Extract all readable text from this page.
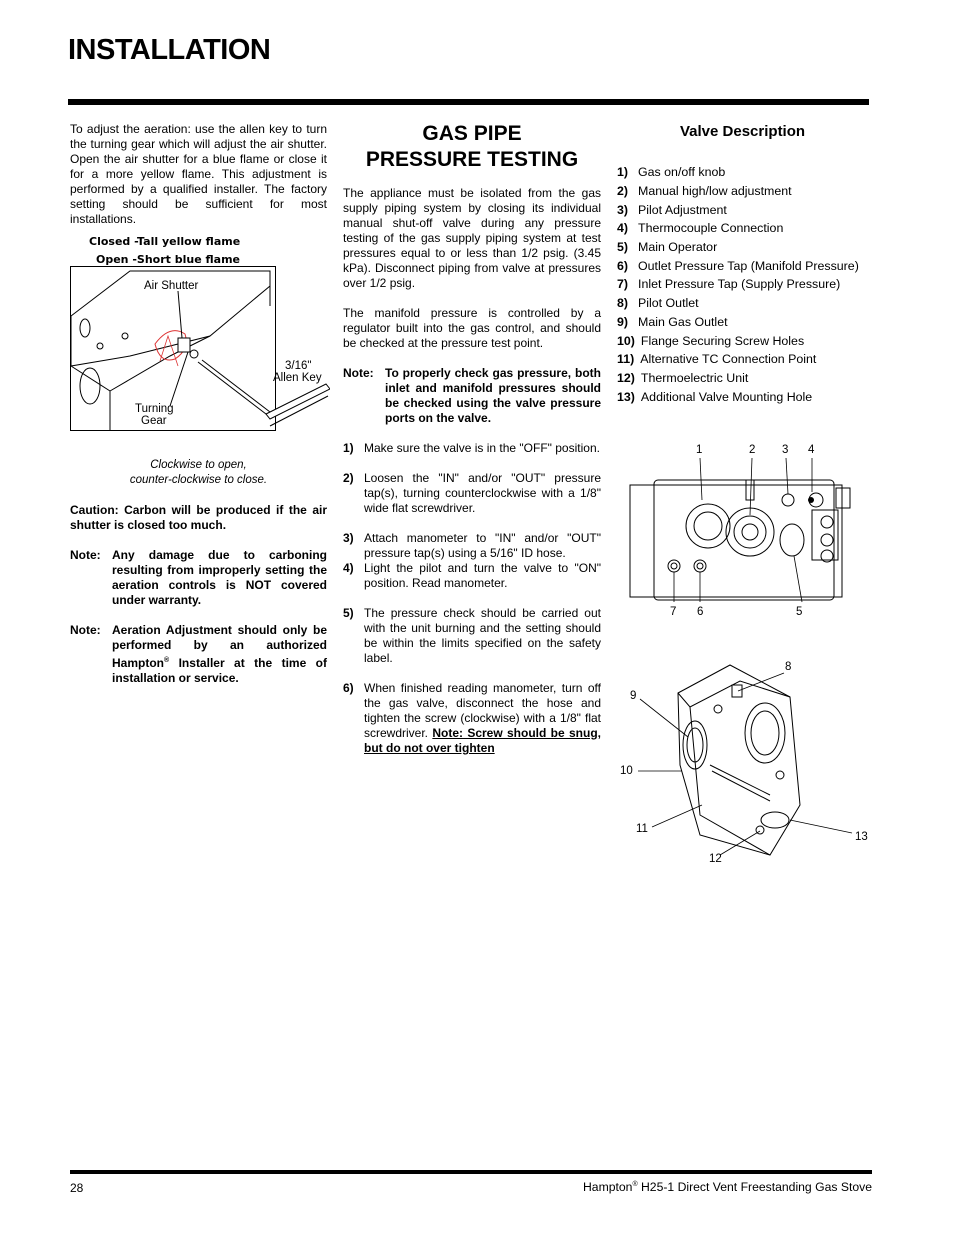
INSTALLATION

To adjust the aeration: use the allen key to turn the turning gear which will adjust the air shutter. Open the air shutter for a blue flame or close it for a more yellow flame. This adjustment is performed by a qualified installer. The factory setting should be sufficient for most installations.

Closed -Tall yellow flame
Open -Short blue flame
Air Shutter
3/16"
Allen Key
Turning
Gear
Clockwise to open,
counter-clockwise to close.

Caution: Carbon will be produced if the air shutter is closed too much.

Note: Any damage due to carboning resulting from improperly setting the aeration controls is NOT covered under warranty.
Note: Aeration Adjustment should only be performed by an authorized Hampton® Installer at the time of installation or service.
GAS PIPE
PRESSURE TESTING

The appliance must be isolated from the gas supply piping system by closing its individual manual shut-off valve during any pressure testing of the gas supply piping system at test pressures equal to or less than 1/2 psig. (3.45 kPa). Disconnect piping from valve at pressures over 1/2 psig.

The manifold pressure is controlled by a regulator built into the gas control, and should be checked at the pressure test point.

Note: To properly check gas pressure, both inlet and manifold pressures should be checked using the valve pressure ports on the valve.
1) Make sure the valve is in the "OFF" position.
2) Loosen the "IN" and/or "OUT" pressure tap(s), turning counterclockwise with a 1/8" wide flat screwdriver.
3) Attach manometer to "IN" and/or "OUT" pressure tap(s) using a 5/16" ID hose.
4) Light the pilot and turn the valve to "ON" position. Read manometer.
5) The pressure check should be carried out with the unit burning and the setting should be within the limits specified on the safety label.
6) When finished reading manometer, turn off the gas valve, disconnect the hose and tighten the screw (clockwise) with a 1/8" flat screwdriver. Note: Screw should be snug, but do not over tighten
Valve Description
1) Gas on/off knob
2) Manual high/low adjustment
3) Pilot Adjustment
4) Thermocouple Connection
5) Main Operator
6) Outlet Pressure Tap (Manifold Pressure)
7) Inlet Pressure Tap (Supply Pressure)
8) Pilot Outlet
9) Main Gas Outlet
10) Flange Securing Screw Holes
11) Alternative TC Connection Point
12) Thermoelectric Unit
13) Additional Valve Mounting Hole
1	2 3 4
5
6
7
8
9
10
11
12
13
28	Hampton® H25-1 Direct Vent Freestanding Gas Stove
